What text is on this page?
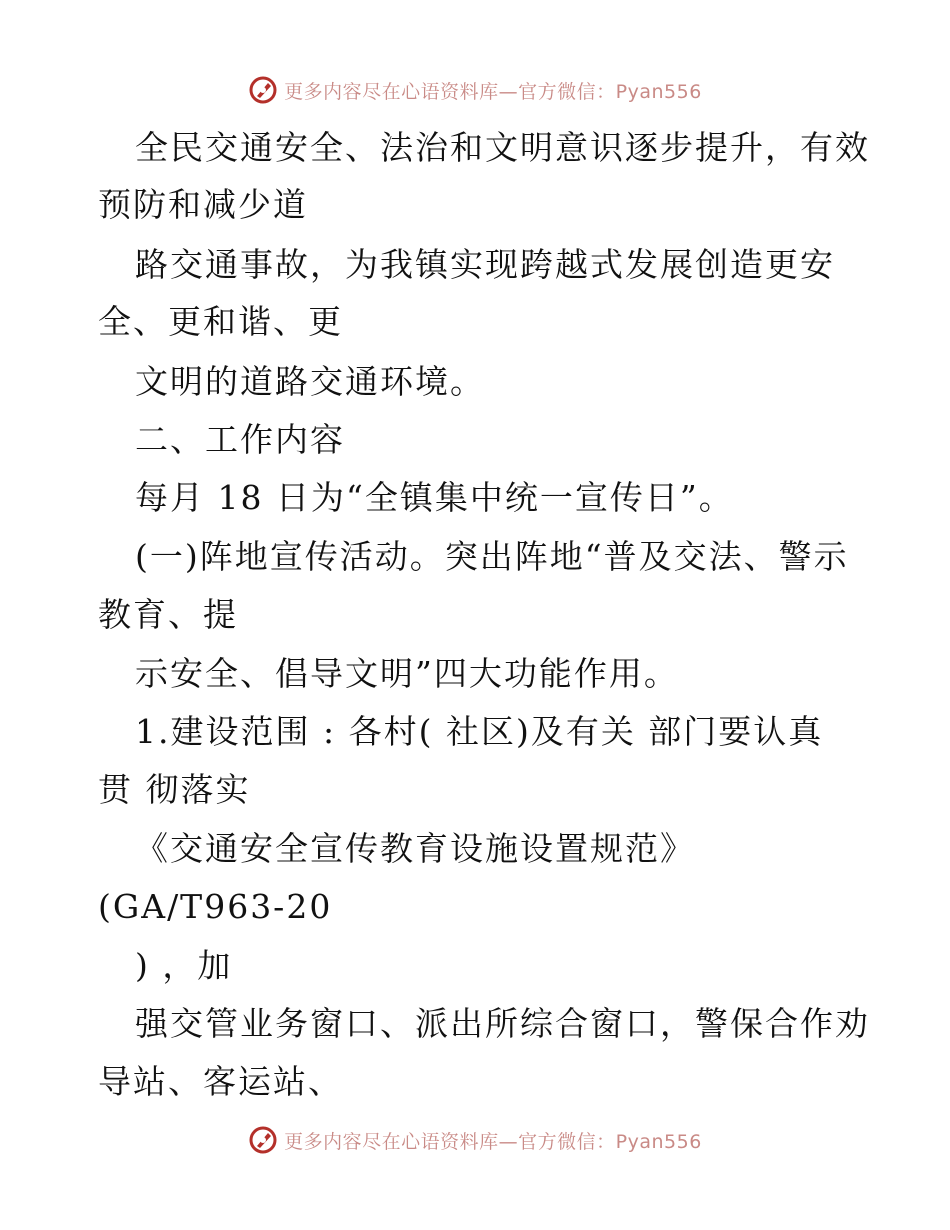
更多内容尽在心语资料库—官方微信：Pyan556
全民交通安全、法治和文明意识逐步提升，有效
预防和减少道
路交通事故，为我镇实现跨越式发展创造更安
全、更和谐、更
文明的道路交通环境。
二、工作内容
每月 18 日为“全镇集中统一宣传日”。
(一)阵地宣传活动。突出阵地“普及交法、警示
教育、提
示安全、倡导文明”四大功能作用。
1.建设范围 : 各村( 社区)及有关 部门要认真
贯 彻落实
《交通安全宣传教育设施设置规范》
(GA/T963-20
) ，加
强交管业务窗口、派出所综合窗口，警保合作劝
导站、客运站、
更多内容尽在心语资料库—官方微信：Pyan556
